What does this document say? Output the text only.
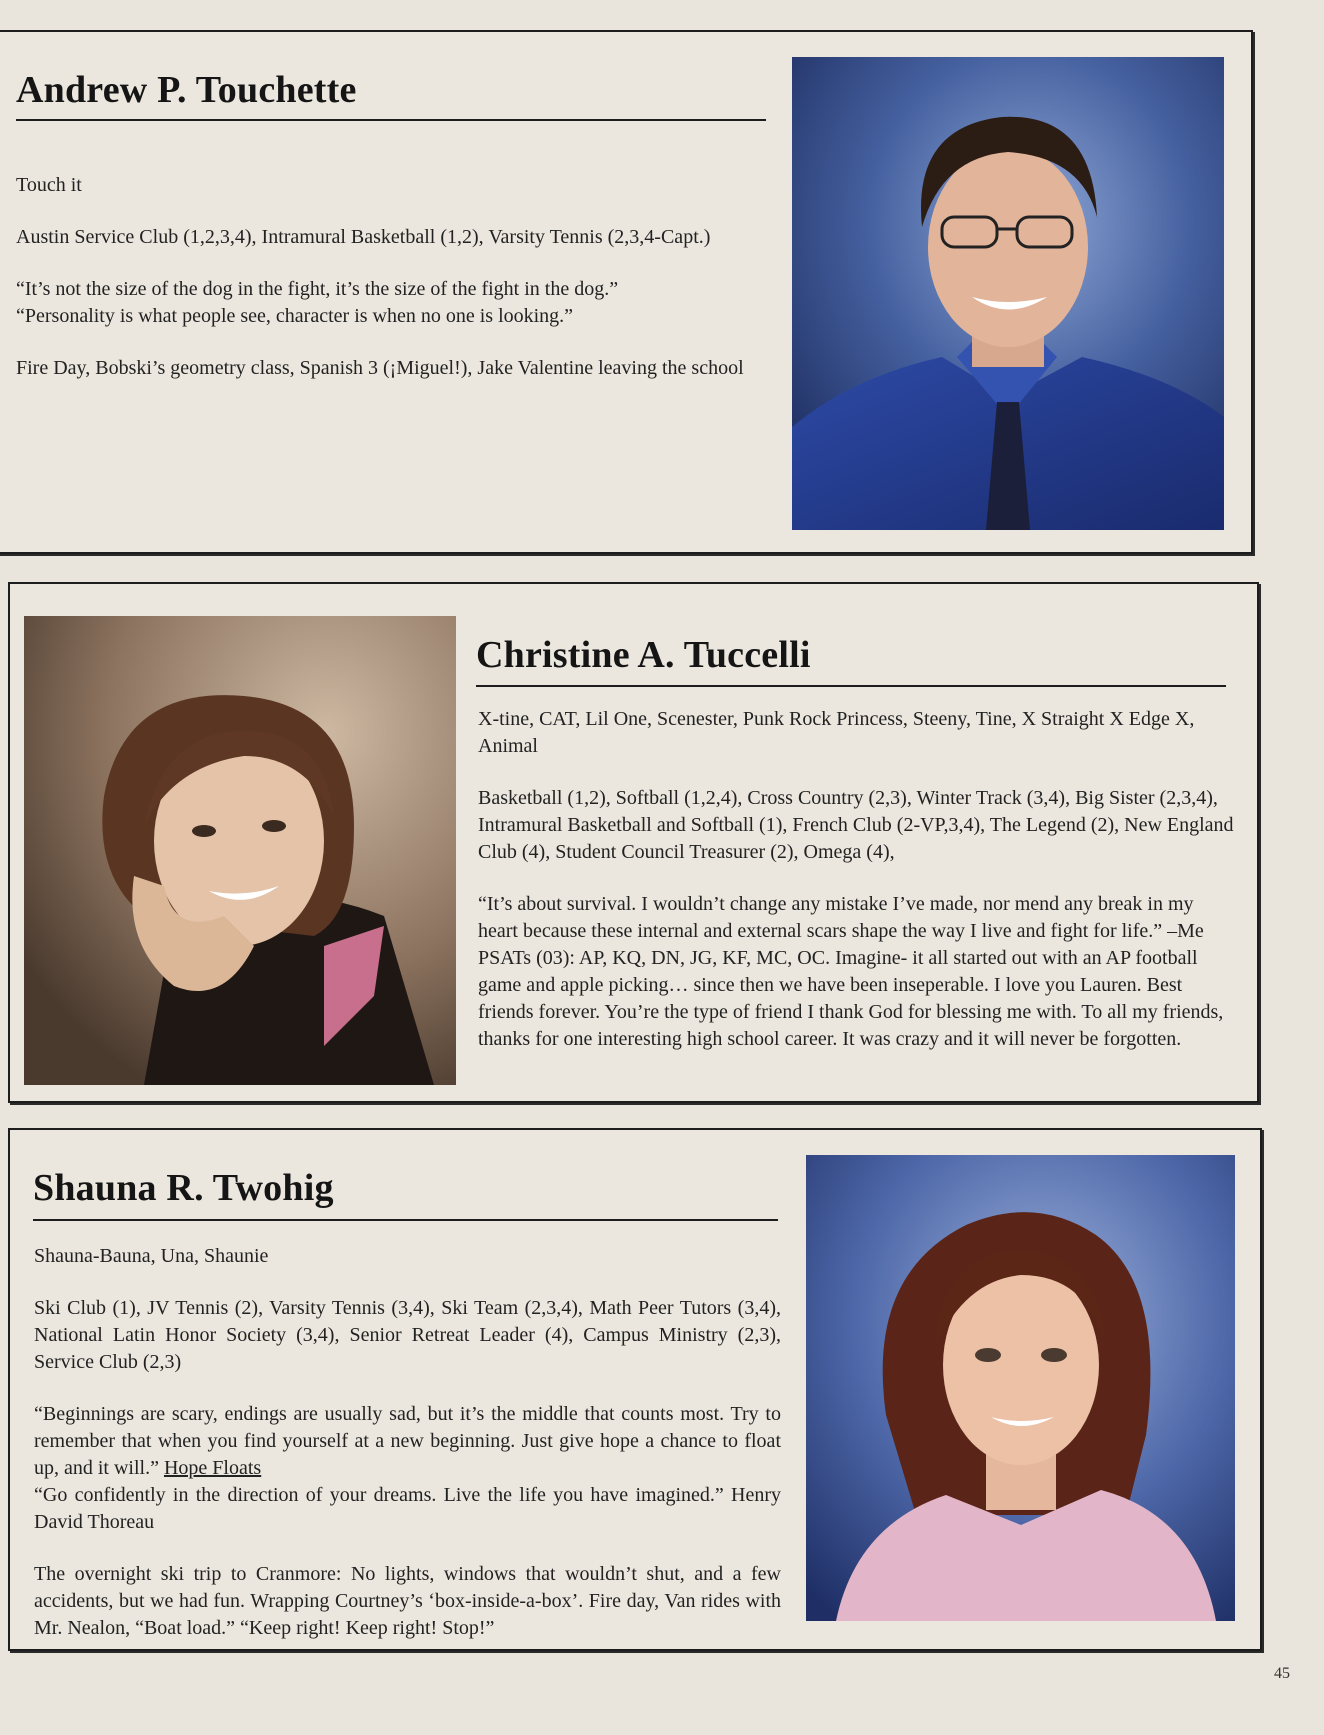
Andrew P. Touchette

Touch it

Austin Service Club (1,2,3,4), Intramural Basketball (1,2), Varsity Tennis (2,3,4-Capt.)

“It’s not the size of the dog in the fight, it’s the size of the fight in the dog.”

“Personality is what people see, character is when no one is looking.”

Fire Day, Bobski’s geometry class, Spanish 3 (¡Miguel!), Jake Valentine leaving the school

Christine A. Tuccelli

X-tine, CAT, Lil One, Scenester, Punk Rock Princess, Steeny, Tine, X Straight X Edge X, Animal

Basketball (1,2), Softball (1,2,4), Cross Country (2,3), Winter Track (3,4), Big Sister (2,3,4), Intramural Basketball and Softball (1), French Club (2-VP,3,4), The Legend (2), New England Club (4), Student Council Treasurer (2), Omega (4),

“It’s about survival. I wouldn’t change any mistake I’ve made, nor mend any break in my heart because these internal and external scars shape the way I live and fight for life.” –Me

PSATs (03): AP, KQ, DN, JG, KF, MC, OC. Imagine- it all started out with an AP football game and apple picking… since then we have been inseperable. I love you Lauren. Best friends forever. You’re the type of friend I thank God for blessing me with. To all my friends, thanks for one interesting high school career. It was crazy and it will never be forgotten.

Shauna R. Twohig

Shauna-Bauna, Una, Shaunie

Ski Club (1), JV Tennis (2), Varsity Tennis (3,4), Ski Team (2,3,4), Math Peer Tutors (3,4), National Latin Honor Society (3,4), Senior Retreat Leader (4), Campus Ministry (2,3), Service Club (2,3)

“Beginnings are scary, endings are usually sad, but it’s the middle that counts most. Try to remember that when you find yourself at a new beginning. Just give hope a chance to float up, and it will.” Hope Floats

“Go confidently in the direction of your dreams. Live the life you have imagined.” Henry David Thoreau

The overnight ski trip to Cranmore: No lights, windows that wouldn’t shut, and a few accidents, but we had fun. Wrapping Courtney’s ‘box-inside-a-box’. Fire day, Van rides with Mr. Nealon, “Boat load.” “Keep right! Keep right! Stop!”

45
